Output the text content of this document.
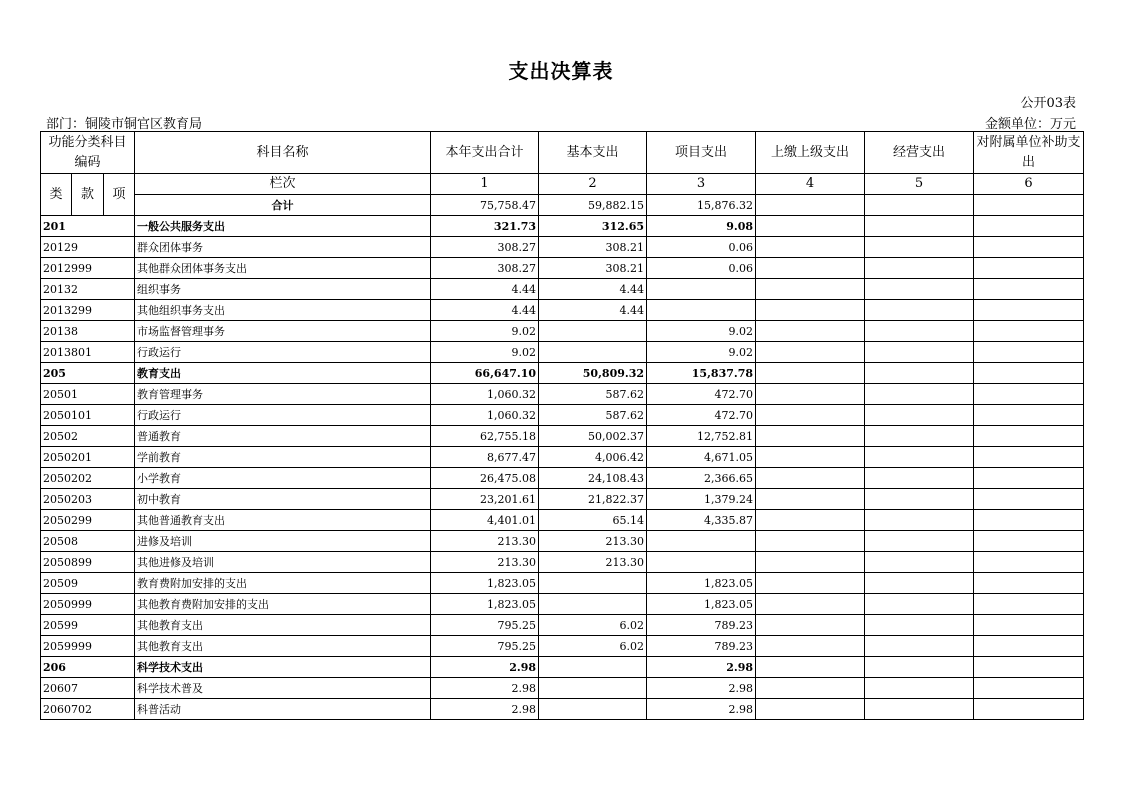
支出决算表
公开03表
部门：铜陵市铜官区教育局	金额单位：万元
功能分类科目编码			科目名称	本年支出合计	基本支出	项目支出	上缴上级支出	经营支出	对附属单位补助支出

类	款	项	栏次	1	2	3	4	5	6
			合计	75,758.47	59,882.15	15,876.32			
201			一般公共服务支出	321.73	312.65	9.08			
20129			群众团体事务	308.27	308.21	0.06			
2012999			其他群众团体事务支出	308.27	308.21	0.06			
20132			组织事务	4.44	4.44				
2013299			其他组织事务支出	4.44	4.44				
20138			市场监督管理事务	9.02		9.02			
2013801			行政运行	9.02		9.02			
205			教育支出	66,647.10	50,809.32	15,837.78			
20501			教育管理事务	1,060.32	587.62	472.70			
2050101			行政运行	1,060.32	587.62	472.70			
20502			普通教育	62,755.18	50,002.37	12,752.81			
2050201			学前教育	8,677.47	4,006.42	4,671.05			
2050202			小学教育	26,475.08	24,108.43	2,366.65			
2050203			初中教育	23,201.61	21,822.37	1,379.24			
2050299			其他普通教育支出	4,401.01	65.14	4,335.87			
20508			进修及培训	213.30	213.30				
2050899			其他进修及培训	213.30	213.30				
20509			教育费附加安排的支出	1,823.05		1,823.05			
2050999			其他教育费附加安排的支出	1,823.05		1,823.05			
20599			其他教育支出	795.25	6.02	789.23			
2059999			其他教育支出	795.25	6.02	789.23			
206			科学技术支出	2.98		2.98			
20607			科学技术普及	2.98		2.98			
2060702			科普活动	2.98		2.98			
